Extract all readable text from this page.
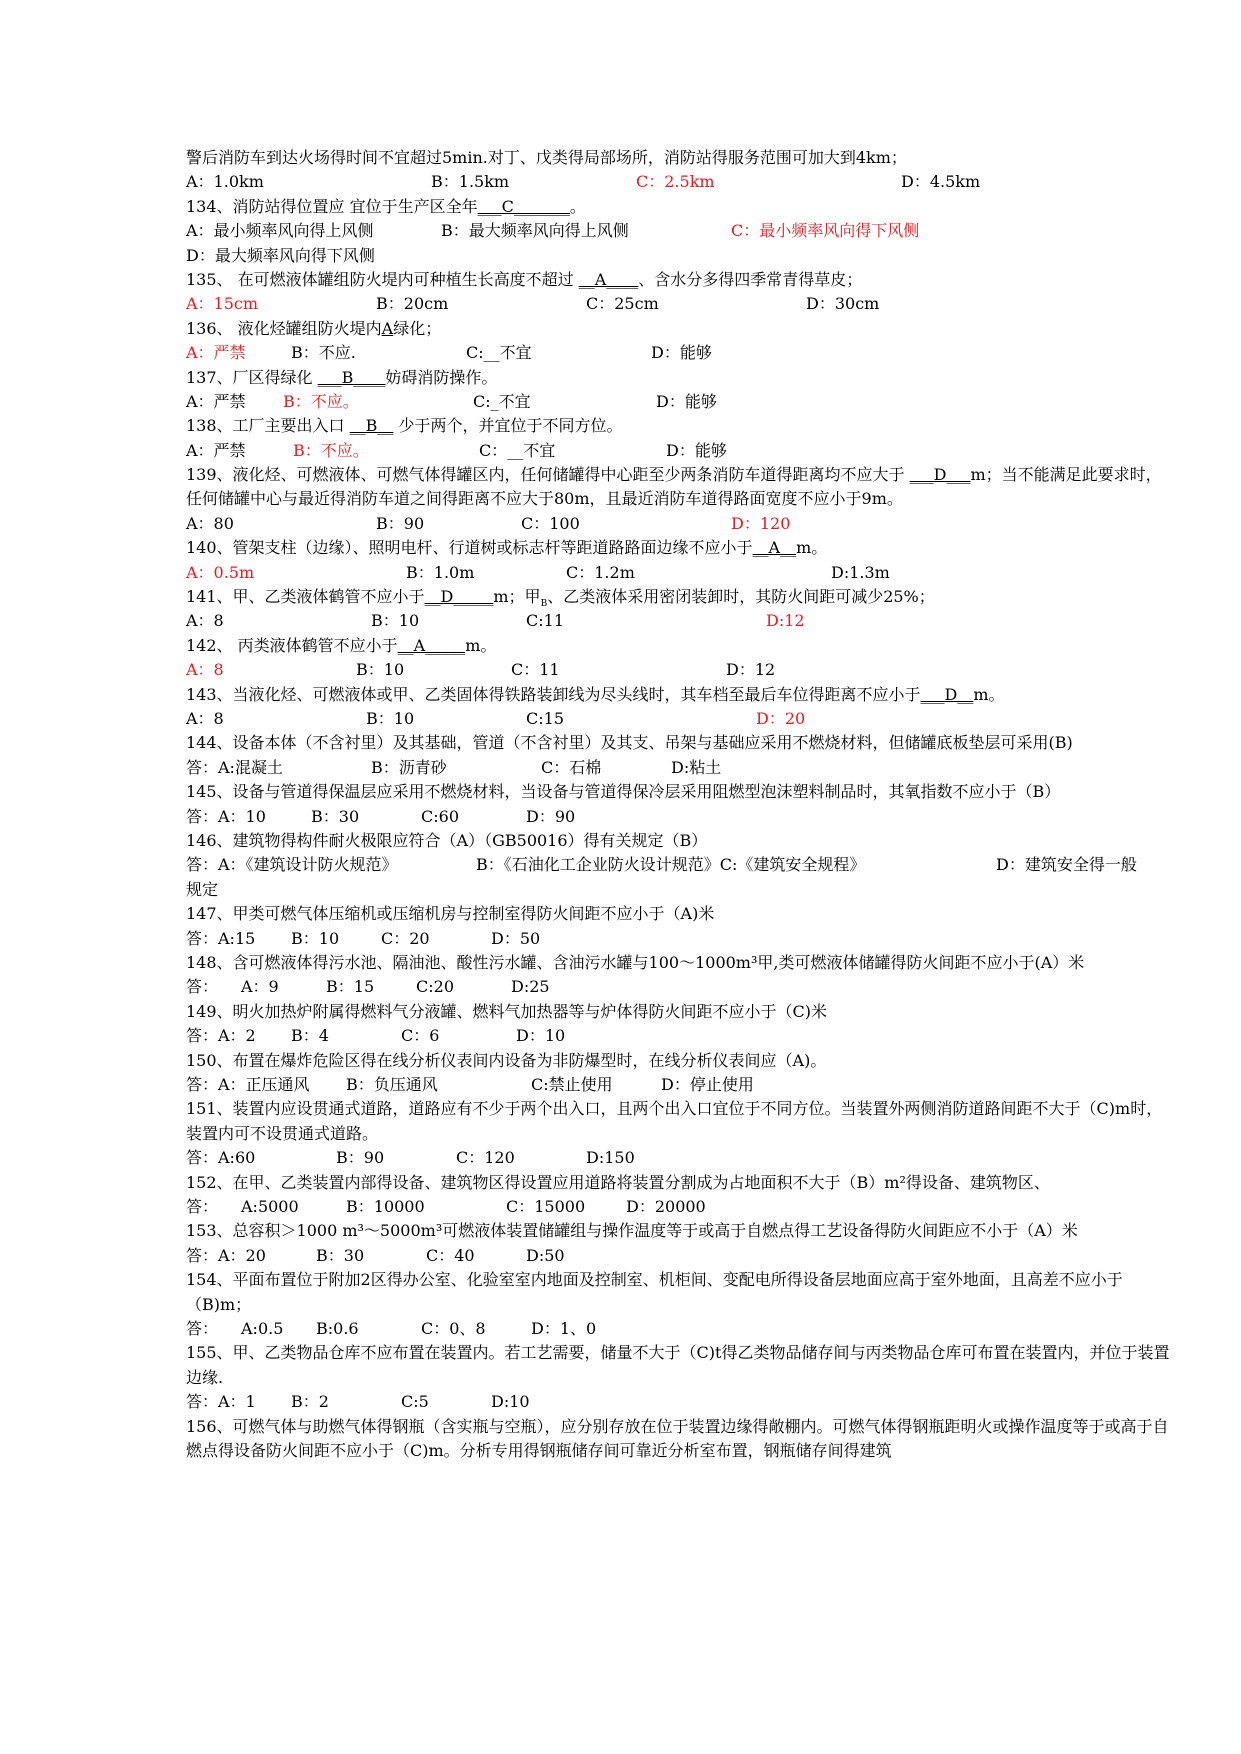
警后消防车到达火场得时间不宜超过5min.对丁、戊类得局部场所，消防站得服务范围可加大到4km；
A：1.0km	B：1.5km	C：2.5km	D：4.5km
134、消防站得位置应 宜位于生产区全年___C_______。
A：最小频率风向得上风侧	B：最大频率风向得上风侧	C：最小频率风向得下风侧
D：最大频率风向得下风侧
135、 在可燃液体罐组防火堤内可种植生长高度不超过 __A____、含水分多得四季常青得草皮；
A：15cm	B：20cm	C：25cm	D：30cm
136、 液化烃罐组防火堤内A绿化；
A：严禁	B：不应.	C:__不宜	D：能够
137、厂区得绿化 ___B____妨碍消防操作。
A：严禁 B：不应。	C:_不宜	D：能够
138、工厂主要出入口 __B__ 少于两个，并宜位于不同方位。
A：严禁	B：不应。	C：__不宜	D：能够
139、液化烃、可燃液体、可燃气体得罐区内，任何储罐得中心距至少两条消防车道得距离均不应大于 ___D___m；当不能满足此要求时，任何储罐中心与最近得消防车道之间得距离不应大于80m，且最近消防车道得路面宽度不应小于9m。
A：80	B：90	C：100	D：120
140、管架支柱（边缘）、照明电杆、行道树或标志杆等距道路路面边缘不应小于__A__m。
A：0.5m	B：1.0m	C：1.2m	D:1.3m
141、甲、乙类液体鹤管不应小于__D_____m；甲$_B$、乙类液体采用密闭装卸时，其防火间距可减少25%；
A：8	B：10	C:11	D:12
142、 丙类液体鹤管不应小于__A_____m。
A：8	B：10	C：11	D：12
143、当液化烃、可燃液体或甲、乙类固体得铁路装卸线为尽头线时，其车档至最后车位得距离不应小于___D__m。
A：8	B：10	C:15	D：20
144、设备本体（不含衬里）及其基础，管道（不含衬里）及其支、吊架与基础应采用不燃烧材料，但储罐底板垫层可采用(B)
答：A:混凝土	B：沥青砂	C：石棉	D:粘土
145、设备与管道得保温层应采用不燃烧材料，当设备与管道得保冷层采用阻燃型泡沫塑料制品时，其氧指数不应小于（B）
答：A：10	B：30	C:60	D：90
146、建筑物得构件耐火极限应符合（A）（GB50016）得有关规定（B）
答：A：《建筑设计防火规范》	B：《石油化工企业防火设计规范》C:《建筑安全规程》	D：建筑安全得一般
规定
147、甲类可燃气体压缩机或压缩机房与控制室得防火间距不应小于（A)米
答：A:15 B：10	C：20	D：50
148、含可燃液体得污水池、隔油池、酸性污水罐、含油污水罐与100～1000m³甲,类可燃液体储罐得防火间距不应小于(A）米
答： A：9	B：15	C:20	D:25
149、明火加热炉附属得燃料气分液罐、燃料气加热器等与炉体得防火间距不应小于（C)米
答：A：2 B：4	C：6	D：10
150、布置在爆炸危险区得在线分析仪表间内设备为非防爆型时，在线分析仪表间应（A)。
答：A：正压通风 B：负压通风	C:禁止使用	D：停止使用
151、装置内应设贯通式道路，道路应有不少于两个出入口，且两个出入口宜位于不同方位。当装置外两侧消防道路间距不大于（C)m时，装置内可不设贯通式道路。
答：A:60	B：90	C：120	D:150
152、在甲、乙类装置内部得设备、建筑物区得设置应用道路将装置分割成为占地面积不大于（B）m²得设备、建筑物区、
答： A:5000	B：10000	C：15000	D：20000
153、总容积＞1000 m³～5000m³可燃液体装置储罐组与操作温度等于或高于自燃点得工艺设备得防火间距应不小于（A）米
答：A：20	B：30	C：40	D:50
154、平面布置位于附加2区得办公室、化验室室内地面及控制室、机柜间、变配电所得设备层地面应高于室外地面，且高差不应小于（B)m；
答： A:0.5 B:0.6	C：0、8	D：1、0
155、甲、乙类物品仓库不应布置在装置内。若工艺需要，储量不大于（C)t得乙类物品储存间与丙类物品仓库可布置在装置内，并位于装置边缘.
答：A：1 B：2	C:5	D:10
156、可燃气体与助燃气体得钢瓶（含实瓶与空瓶），应分别存放在位于装置边缘得敞棚内。可燃气体得钢瓶距明火或操作温度等于或高于自燃点得设备防火间距不应小于（C)m。分析专用得钢瓶储存间可靠近分析室布置，钢瓶储存间得建筑
